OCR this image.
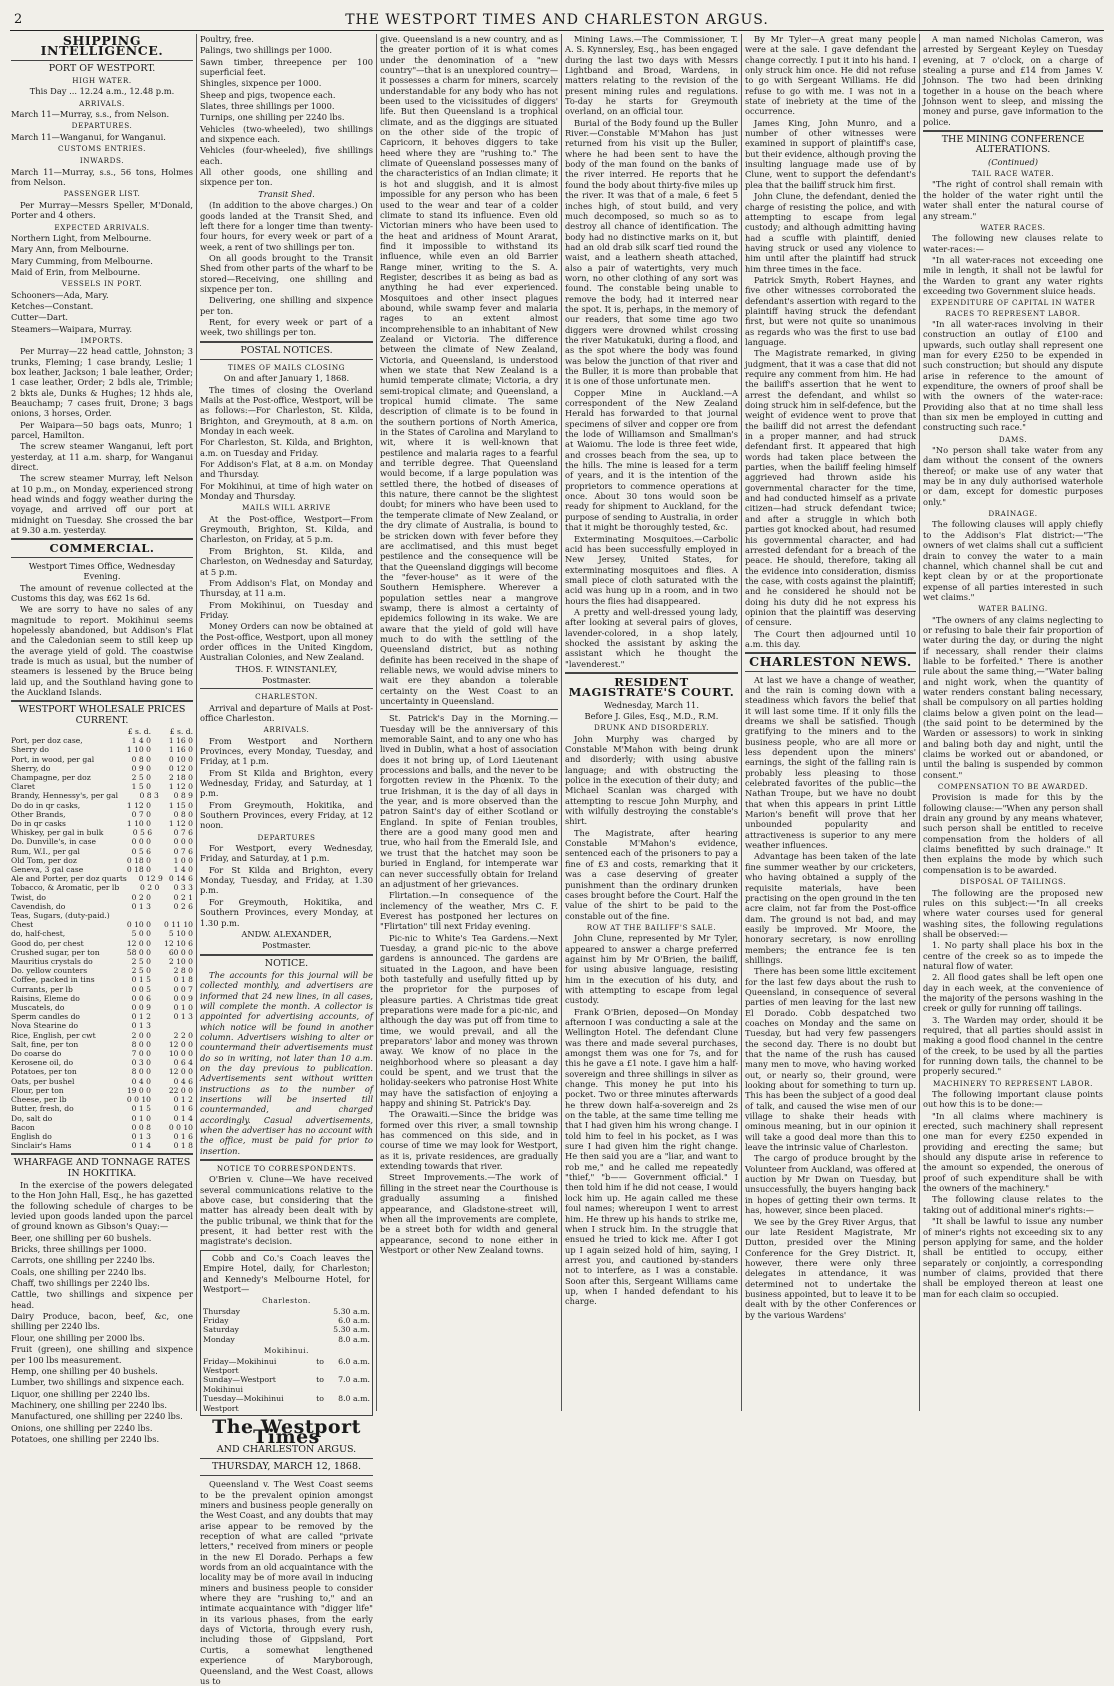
2	THE WESTPORT TIMES AND CHARLESTON ARGUS.
SHIPPING INTELLIGENCE.
PORT OF WESTPORT.
HIGH WATER.

This Day ... 12.24 a.m., 12.48 p.m.

ARRIVALS.

March 11—Murray, s.s., from Nelson.

DEPARTURES.

March 11—Wanganui, for Wanganui.

CUSTOMS ENTRIES.
INWARDS.

March 11—Murray, s.s., 56 tons, Holmes from Nelson.

PASSENGER LIST.

Per Murray—Messrs Speller, M'Donald, Porter and 4 others.

EXPECTED ARRIVALS.

Northern Light, from Melbourne.

Mary Ann, from Melbourne.

Mary Cumming, from Melbourne.

Maid of Erin, from Melbourne.

VESSELS IN PORT.

Schooners—Ada, Mary.

Ketches—Constant.

Cutter—Dart.

Steamers—Waipara, Murray.

IMPORTS.

Per Murray—22 head cattle, Johnston; 3 trunks, Fleming; 1 case brandy, Leslie; 1 box leather, Jackson; 1 bale leather, Order; 1 case leather, Order; 2 bdls ale, Trimble; 2 bkts ale, Dunks & Hughes; 12 hhds ale, Beauchamp; 7 cases fruit, Drone; 3 bags onions, 3 horses, Order.

Per Waipara—50 bags oats, Munro; 1 parcel, Hamilton.

The screw steamer Wanganui, left port yesterday, at 11 a.m. sharp, for Wanganui direct.

The screw steamer Murray, left Nelson at 10 p.m., on Monday, experienced strong head winds and foggy weather during the voyage, and arrived off our port at midnight on Tuesday. She crossed the bar at 9.30 a.m. yesterday.

COMMERCIAL.

Westport Times Office, Wednesday Evening.

The amount of revenue collected at the Customs this day, was £62 1s 6d.

We are sorry to have no sales of any magnitude to report. Mokihinui seems hopelessly abandoned, but Addison's Flat and the Caledonian seem to still keep up the average yield of gold. The coastwise trade is much as usual, but the number of steamers is lessened by the Bruce being laid up, and the Southland having gone to the Auckland Islands.

WESTPORT WHOLESALE PRICES CURRENT.
£ s. d.	£ s. d.
Port, per doz case,	1 4 0	1 16 0
Sherry do	1 10 0	1 16 0
Port, in wood, per gal	0 8 0	0 10 0
Sherry, do	0 9 0	0 12 0
Champagne, per doz	2 5 0	2 18 0
Claret	1 5 0	1 12 0
Brandy, Hennessy's, per gal	0 8 3	0 8 9
Do do in qr casks,	1 12 0	1 15 0
Other Brands,	0 7 0	0 8 0
Do in qr casks	1 10 0	1 12 0
Whiskey, per gal in bulk	0 5 6	0 7 6
Do. Dunville's, in case	0 0 0	0 0 0
Rum, W.I., per gal	0 5 6	0 7 6
Old Tom, per doz	0 18 0	1 0 0
Geneva, 3 gal case	0 18 0	1 4 0
Ale and Porter, per doz quarts	0 12 9 0 14 6
Tobacco, & Aromatic, per lb	0 2 0	0 3 3
Twist, do	0 2 0	0 2 1
Cavendish, do	0 1 3	0 2 6
Teas, Sugars, (duty-paid.)
Chest	0 10 0	0 11 10
do, half-chest,	5 0 0	5 10 0
Good do, per chest	12 0 0	12 10 6
Crushed sugar, per ton	58 0 0	60 0 0
Mauritius crystals do	2 5 0	2 10 0
Do. yellow counters	2 5 0	2 8 0
Coffee, packed in tins	0 1 5	0 1 8
Currants, per lb	0 0 5	0 0 7
Raisins, Eleme do	0 0 6	0 0 9
Muscatels, do	0 0 9	0 1 0
Sperm candles do	0 1 2	0 1 3
Nova Stearine do	0 1 3
Rice, English, per cwt	2 0 0	2 2 0
Salt, fine, per ton	8 0 0	12 0 0
Do coarse do	7 0 0	10 0 0
Kerosene oil, do	0 3 0	0 6 4
Potatoes, per ton	8 0 0	12 0 0
Oats, per bushel	0 4 0	0 4 6
Flour, per ton	19 0 0	22 0 0
Cheese, per lb	0 0 10	0 1 2
Butter, fresh, do	0 1 5	0 1 6
Do, salt do	0 1 0	0 1 4
Bacon	0 0 8	0 0 10
English do	0 1 3	0 1 6
Sinclair's Hams	0 1 4	0 1 8
WHARFAGE AND TONNAGE RATES IN HOKITIKA.

In the exercise of the powers delegated to the Hon John Hall, Esq., he has gazetted the following schedule of charges to be levied upon goods landed upon the parcel of ground known as Gibson's Quay:—

Beer, one shilling per 60 bushels.

Bricks, three shillings per 1000.

Carrots, one shilling per 2240 lbs.

Coals, one shilling per 2240 lbs.

Chaff, two shillings per 2240 lbs.

Cattle, two shillings and sixpence per head.

Dairy Produce, bacon, beef, &c, one shilling per 2240 lbs.

Flour, one shilling per 2000 lbs.

Fruit (green), one shilling and sixpence per 100 lbs measurement.

Hemp, one shilling per 40 bushels.

Lumber, two shillings and sixpence each.

Liquor, one shilling per 2240 lbs.

Machinery, one shilling per 2240 lbs.

Manufactured, one shilling per 2240 lbs.

Onions, one shilling per 2240 lbs.

Potatoes, one shilling per 2240 lbs.

Poultry, free.

Palings, two shillings per 1000.

Sawn timber, threepence per 100 superficial feet.

Shingles, sixpence per 1000.

Sheep and pigs, twopence each.

Slates, three shillings per 1000.

Turnips, one shilling per 2240 lbs.

Vehicles (two-wheeled), two shillings and sixpence each.

Vehicles (four-wheeled), five shillings each.

All other goods, one shilling and sixpence per ton.

Transit Shed.

(In addition to the above charges.) On goods landed at the Transit Shed, and left there for a longer time than twenty-four hours, for every week or part of a week, a rent of two shillings per ton.

On all goods brought to the Transit Shed from other parts of the wharf to be stored—Receiving, one shilling and sixpence per ton.

Delivering, one shilling and sixpence per ton.

Rent, for every week or part of a week, two shillings per ton.

POSTAL NOTICES.
TIMES OF MAILS CLOSING

On and after January 1, 1868.

The times of closing the Overland Mails at the Post-office, Westport, will be as follows:—For Charleston, St. Kilda, Brighton, and Greymouth, at 8 a.m. on Monday in each week.

For Charleston, St. Kilda, and Brighton, a.m. on Tuesday and Friday.

For Addison's Flat, at 8 a.m. on Monday and Thursday.

For Mokihinui, at time of high water on Monday and Thursday.

MAILS WILL ARRIVE

At the Post-office, Westport—From Greymouth, Brighton, St. Kilda, and Charleston, on Friday, at 5 p.m.

From Brighton, St. Kilda, and Charleston, on Wednesday and Saturday, at 5 p.m.

From Addison's Flat, on Monday and Thursday, at 11 a.m.

From Mokihinui, on Tuesday and Friday.

Money Orders can now be obtained at the Post-office, Westport, upon all money order offices in the United Kingdom, Australian Colonies, and New Zealand.

THOS. F. WINSTANLEY,

Postmaster.

CHARLESTON.

Arrival and departure of Mails at Post-office Charleston.

ARRIVALS.

From Westport and Northern Provinces, every Monday, Tuesday, and Friday, at 1 p.m.

From St Kilda and Brighton, every Wednesday, Friday, and Saturday, at 1 p.m.

From Greymouth, Hokitika, and Southern Provinces, every Friday, at 12 noon.

DEPARTURES

For Westport, every Wednesday, Friday, and Saturday, at 1 p.m.

For St Kilda and Brighton, every Monday, Tuesday, and Friday, at 1.30 p.m.

For Greymouth, Hokitika, and Southern Provinces, every Monday, at 1.30 p.m.

ANDW. ALEXANDER,

Postmaster.

NOTICE.

The accounts for this journal will be collected monthly, and advertisers are informed that 24 new lines, in all cases, will complete the month. A collector is appointed for advertising accounts, of which notice will be found in another column. Advertisers wishing to alter or countermand their advertisements must do so in writing, not later than 10 a.m. on the day previous to publication. Advertisements sent without written instructions as to the number of insertions will be inserted till countermanded, and charged accordingly. Casual advertisements, when the advertiser has no account with the office, must be paid for prior to insertion.

NOTICE TO CORRESPONDENTS.

O'Brien v. Clune—We have received several communications relative to the above case, but considering that the matter has already been dealt with by the public tribunal, we think that for the present, it had better rest with the magistrate's decision.

Cobb and Co.'s Coach leaves the Empire Hotel, daily, for Charleston; and Kennedy's Melbourne Hotel, for Westport—

Charleston.
Thursday	5.30 a.m.
Friday	6.0 a.m.
Saturday	5.30 a.m.
Monday	8.0 a.m.
Mokihinui.
Friday—Mokihinui to Westport
6.0 a.m.
Sunday—Westport to Mokihinui
7.0 a.m.
Tuesday—Mokihinui to Westport
8.0 a.m.
The Westport Times
AND CHARLESTON ARGUS.
THURSDAY, MARCH 12, 1868.

Queensland v. The West Coast seems to be the prevalent opinion amongst miners and business people generally on the West Coast, and any doubts that may arise appear to be removed by the reception of what are called "private letters," received from miners or people in the new El Dorado. Perhaps a few words from an old acquaintance with the locality may be of more avail in inducing miners and business people to consider where they are "rushing to," and an intimate acquaintance with "digger life" in its various phases, from the early days of Victoria, through every rush, including those of Gippsland, Port Curtis, a somewhat lengthened experience of Maryborough, Queensland, and the West Coast, allows us to

give. Queensland is a new country, and as the greater portion of it is what comes under the denomination of a "new country"—that is an unexplored country—it possesses a charm for miners, scarcely understandable for any body who has not been used to the vicissitudes of diggers' life. But then Queensland is a trophical climate, and as the diggings are situated on the other side of the tropic of Capricorn, it behoves diggers to take heed where they are "rushing to." The climate of Queensland possesses many of the characteristics of an Indian climate; it is hot and sluggish, and it is almost impossible for any person who has been used to the wear and tear of a colder climate to stand its influence. Even old Victorian miners who have been used to the heat and aridness of Mount Ararat, find it impossible to withstand its influence, while even an old Barrier Range miner, writing to the S. A. Register, describes it as being as bad as anything he had ever experienced. Mosquitoes and other insect plagues abound, while swamp fever and malaria rages to an extent almost incomprehensible to an inhabitant of New Zealand or Victoria. The difference between the climate of New Zealand, Victoria, and Queensland, is understood when we state that New Zealand is a humid temperate climate; Victoria, a dry semi-tropical climate; and Queensland, a tropical humid climate. The same description of climate is to be found in the southern portions of North America, in the States of Carolina and Maryland to wit, where it is well-known that pestilence and malaria rages to a fearful and terrible degree. That Queensland would become, if a large population was settled there, the hotbed of diseases of this nature, there cannot be the slightest doubt; for miners who have been used to the temperate climate of New Zealand, or the dry climate of Australia, is bound to be stricken down with fever before they are acclimatised, and this must beget pestilence and the consequence will be that the Queensland diggings will become the "fever-house" as it were of the Southern Hemisphere. Wherever a population settles near a mangrove swamp, there is almost a certainty of epidemics following in its wake. We are aware that the yield of gold will have much to do with the settling of the Queensland district, but as nothing definite has been received in the shape of reliable news, we would advise miners to wait ere they abandon a tolerable certainty on the West Coast to an uncertainty in Queensland.

St. Patrick's Day in the Morning.—Tuesday will be the anniversary of this memorable Saint, and to any one who has lived in Dublin, what a host of association does it not bring up, of Lord Lieutenant processions and balls, and the never to be forgotten review in the Phœnix. To the true Irishman, it is the day of all days in the year, and is more observed than the patron Saint's day of either Scotland or England. In spite of Fenian troubles, there are a good many good men and true, who hail from the Emerald Isle, and we trust that the hatchet may soon be buried in England, for intemperate war can never successfully obtain for Ireland an adjustment of her grievances.

Flirtation.—In consequence of the inclemency of the weather, Mrs C. F. Everest has postponed her lectures on "Flirtation" till next Friday evening.

Pic-nic to White's Tea Gardens.—Next Tuesday, a grand pic-nic to the above gardens is announced. The gardens are situated in the Lagoon, and have been both tastefully and usefully fitted up by the proprietor for the purposes of pleasure parties. A Christmas tide great preparations were made for a pic-nic, and although the day was put off from time to time, we would prevail, and all the preparators' labor and money was thrown away. We know of no place in the neighborhood where so pleasant a day could be spent, and we trust that the holiday-seekers who patronise Host White may have the satisfaction of enjoying a happy and shining St. Patrick's Day.

The Orawaiti.—Since the bridge was formed over this river, a small township has commenced on this side, and in course of time we may look for Westport, as it is, private residences, are gradually extending towards that river.

Street Improvements.—The work of filling in the street near the Courthouse is gradually assuming a finished appearance, and Gladstone-street will, when all the improvements are complete, be a street both for width and general appearance, second to none either in Westport or other New Zealand towns.

Mining Laws.—The Commissioner, T. A. S. Kynnersley, Esq., has been engaged during the last two days with Messrs Lightband and Broad, Wardens, in matters relating to the revision of the present mining rules and regulations. To-day he starts for Greymouth overland, on an official tour.

Burial of the Body found up the Buller River.—Constable M'Mahon has just returned from his visit up the Buller, where he had been sent to have the body of the man found on the banks of the river interred. He reports that he found the body about thirty-five miles up the river. It was that of a male, 6 feet 5 inches high, of stout build, and very much decomposed, so much so as to destroy all chance of identification. The body had no distinctive marks on it, but had an old drab silk scarf tied round the waist, and a leathern sheath attached, also a pair of watertights, very much worn, no other clothing of any sort was found. The constable being unable to remove the body, had it interred near the spot. It is, perhaps, in the memory of our readers, that some time ago two diggers were drowned whilst crossing the river Matukatuki, during a flood, and as the spot where the body was found was below the junction of that river and the Buller, it is more than probable that it is one of those unfortunate men.

Copper Mine in Auckland.—A correspondent of the New Zealand Herald has forwarded to that journal specimens of silver and copper ore from the lode of Williamson and Smallman's at Waiomu. The lode is three feet wide, and crosses beach from the sea, up to the hills. The mine is leased for a term of years, and it is the intention of the proprietors to commence operations at once. About 30 tons would soon be ready for shipment to Auckland, for the purpose of sending to Australia, in order that it might be thoroughly tested, &c.

Exterminating Mosquitoes.—Carbolic acid has been successfully employed in New Jersey, United States, for exterminating mosquitoes and flies. A small piece of cloth saturated with the acid was hung up in a room, and in two hours the flies had disappeared.

A pretty and well-dressed young lady, after looking at several pairs of gloves, lavender-colored, in a shop lately, shocked the assistant by asking the assistant which he thought the "lavenderest."

RESIDENT MAGISTRATE'S COURT.

Wednesday, March 11.

Before J. Giles, Esq., M.D., R.M.

DRUNK AND DISORDERLY.

John Murphy was charged by Constable M'Mahon with being drunk and disorderly; with using abusive language; and with obstructing the police in the execution of their duty; and Michael Scanlan was charged with attempting to rescue John Murphy, and with wilfully destroying the constable's shirt.

The Magistrate, after hearing Constable M'Mahon's evidence, sentenced each of the prisoners to pay a fine of £3 and costs, remarking that it was a case deserving of greater punishment than the ordinary drunken cases brought before the Court. Half the value of the shirt to be paid to the constable out of the fine.

ROW AT THE BAILIFF'S SALE.

John Clune, represented by Mr Tyler, appeared to answer a charge preferred against him by Mr O'Brien, the bailiff, for using abusive language, resisting him in the execution of his duty, and with attempting to escape from legal custody.

Frank O'Brien, deposed—On Monday afternoon I was conducting a sale at the Wellington Hotel. The defendant Clune was there and made several purchases, amongst them was one for 7s, and for this he gave a £1 note. I gave him a half-sovereign and three shillings in silver as change. This money he put into his pocket. Two or three minutes afterwards he threw down half-a-sovereign and 2s on the table, at the same time telling me that I had given him his wrong change. I told him to feel in his pocket, as I was sure I had given him the right change. He then said you are a "liar, and want to rob me," and he called me repeatedly "thief," "b—— Government official." I then told him if he did not cease, I would lock him up. He again called me these foul names; whereupon I went to arrest him. He threw up his hands to strike me, when I struck him. In the struggle that ensued he tried to kick me. After I got up I again seized hold of him, saying, I arrest you, and cautioned by-standers not to interfere, as I was a constable. Soon after this, Sergeant Williams came up, when I handed defendant to his charge.

By Mr Tyler—A great many people were at the sale. I gave defendant the change correctly. I put it into his hand. I only struck him once. He did not refuse to go with Sergeant Williams. He did refuse to go with me. I was not in a state of inebriety at the time of the occurrence.

James King, John Munro, and a number of other witnesses were examined in support of plaintiff's case, but their evidence, although proving the insulting language made use of by Clune, went to support the defendant's plea that the bailiff struck him first.

John Clune, the defendant, denied the charge of resisting the police, and with attempting to escape from legal custody; and although admitting having had a scuffle with plaintiff, denied having struck or used any violence to him until after the plaintiff had struck him three times in the face.

Patrick Smyth, Robert Haynes, and five other witnesses corroborated the defendant's assertion with regard to the plaintiff having struck the defendant first, but were not quite so unanimous as regards who was the first to use bad language.

The Magistrate remarked, in giving judgment, that it was a case that did not require any comment from him. He had the bailiff's assertion that he went to arrest the defendant, and whilst so doing struck him in self-defence, but the weight of evidence went to prove that the bailiff did not arrest the defendant in a proper manner, and had struck defendant first. It appeared that high words had taken place between the parties, when the bailiff feeling himself aggrieved had thrown aside his governmental character for the time, and had conducted himself as a private citizen—had struck defendant twice; and after a struggle in which both parties got knocked about, had resumed his governmental character, and had arrested defendant for a breach of the peace. He should, therefore, taking all the evidence into consideration, dismiss the case, with costs against the plaintiff; and he considered he should not be doing his duty did he not express his opinion that the plaintiff was deserving of censure.

The Court then adjourned until 10 a.m. this day.

CHARLESTON NEWS.

At last we have a change of weather, and the rain is coming down with a steadiness which favors the belief that it will last some time. If it only fills the dreams we shall be satisfied. Though gratifying to the miners and to the business people, who are all more or less dependent upon the miners' earnings, the sight of the falling rain is probably less pleasing to those celebrated favorites of the public—the Nathan Troupe, but we have no doubt that when this appears in print Little Marion's benefit will prove that her unbounded popularity and attractiveness is superior to any mere weather influences.

Advantage has been taken of the late fine summer weather by our cricketers, who having obtained a supply of the requisite materials, have been practising on the open ground in the ten acre claim, not far from the Post-office dam. The ground is not bad, and may easily be improved. Mr Moore, the honorary secretary, is now enrolling members; the entrance fee is ten shillings.

There has been some little excitement for the last few days about the rush to Queensland, in consequence of several parties of men leaving for the last new El Dorado. Cobb despatched two coaches on Monday and the same on Tuesday, but had very few passengers the second day. There is no doubt but that the name of the rush has caused many men to move, who having worked out, or nearly so, their ground, were looking about for something to turn up. This has been the subject of a good deal of talk, and caused the wise men of our village to shake their heads with ominous meaning, but in our opinion it will take a good deal more than this to leave the intrinsic value of Charleston.

The cargo of produce brought by the Volunteer from Auckland, was offered at auction by Mr Dwan on Tuesday, but unsuccessfully, the buyers hanging back in hopes of getting their own terms. It has, however, since been placed.

We see by the Grey River Argus, that our late Resident Magistrate, Mr Dutton, presided over the Mining Conference for the Grey District. It, however, there were only three delegates in attendance, it was determined not to undertake the business appointed, but to leave it to be dealt with by the other Conferences or by the various Wardens'

A man named Nicholas Cameron, was arrested by Sergeant Keyley on Tuesday evening, at 7 o'clock, on a charge of stealing a purse and £14 from James V. Johnson. The two had been drinking together in a house on the beach where Johnson went to sleep, and missing the money and purse, gave information to the police.

THE MINING CONFERENCE ALTERATIONS.

(Continued)

TAIL RACE WATER.

"The right of control shall remain with the holder of the water right until the water shall enter the natural course of any stream."

WATER RACES.

The following new clauses relate to water-races:—

"In all water-races not exceeding one mile in length, it shall not be lawful for the Warden to grant any water rights exceeding two Government sluice heads.

EXPENDITURE OF CAPITAL IN WATER RACES TO REPRESENT LABOR.

"In all water-races involving in their construction an outlay of £100 and upwards, such outlay shall represent one man for every £250 to be expended in such construction; but should any dispute arise in reference to the amount of expenditure, the owners of proof shall be with the owners of the water-race: Providing also that at no time shall less than six men be employed in cutting and constructing such race."

DAMS.

"No person shall take water from any dam without the consent of the owners thereof; or make use of any water that may be in any duly authorised waterhole or dam, except for domestic purposes only."

DRAINAGE.

The following clauses will apply chiefly to the Addison's Flat district:—"The owners of wet claims shall cut a sufficient drain to convey the water to a main channel, which channel shall be cut and kept clean by or at the proportionate expense of all parties interested in such wet claims."

WATER BALING.

"The owners of any claims neglecting to or refusing to bale their fair proportion of water during the day, or during the night if necessary, shall render their claims liable to be forfeited." There is another rule about the same thing,—"Water baling and night work, when the quantity of water renders constant baling necessary, shall be compulsory on all parties holding claims below a given point on the lead—(the said point to be determined by the Warden or assessors) to work in sinking and baling both day and night, until the claims be worked out or abandoned, or until the baling is suspended by common consent."

COMPENSATION TO BE AWARDED.

Provision is made for this by the following clause:—"When any person shall drain any ground by any means whatever, such person shall be entitled to receive compensation from the holders of all claims benefitted by such drainage." It then explains the mode by which such compensation is to be awarded.

DISPOSAL OF TAILINGS.

The following are the proposed new rules on this subject:—"In all creeks where water courses used for general washing sites, the following regulations shall be observed:—

1. No party shall place his box in the centre of the creek so as to impede the natural flow of water.

2. All flood gates shall be left open one day in each week, at the convenience of the majority of the persons washing in the creek or gully for running off tailings.

3. The Warden may order, should it be required, that all parties should assist in making a good flood channel in the centre of the creek, to be used by all the parties for running down tails, the channel to be properly secured."

MACHINERY TO REPRESENT LABOR.

The following important clause points out how this is to be done:—

"In all claims where machinery is erected, such machinery shall represent one man for every £250 expended in providing and erecting the same; but should any dispute arise in reference to the amount so expended, the onerous of proof of such expenditure shall be with the owners of the machinery."

The following clause relates to the taking out of additional miner's rights:—

"It shall be lawful to issue any number of miner's rights not exceeding six to any person applying for same, and the holder shall be entitled to occupy, either separately or conjointly, a corresponding number of claims, provided that there shall be employed thereon at least one man for each claim so occupied.
